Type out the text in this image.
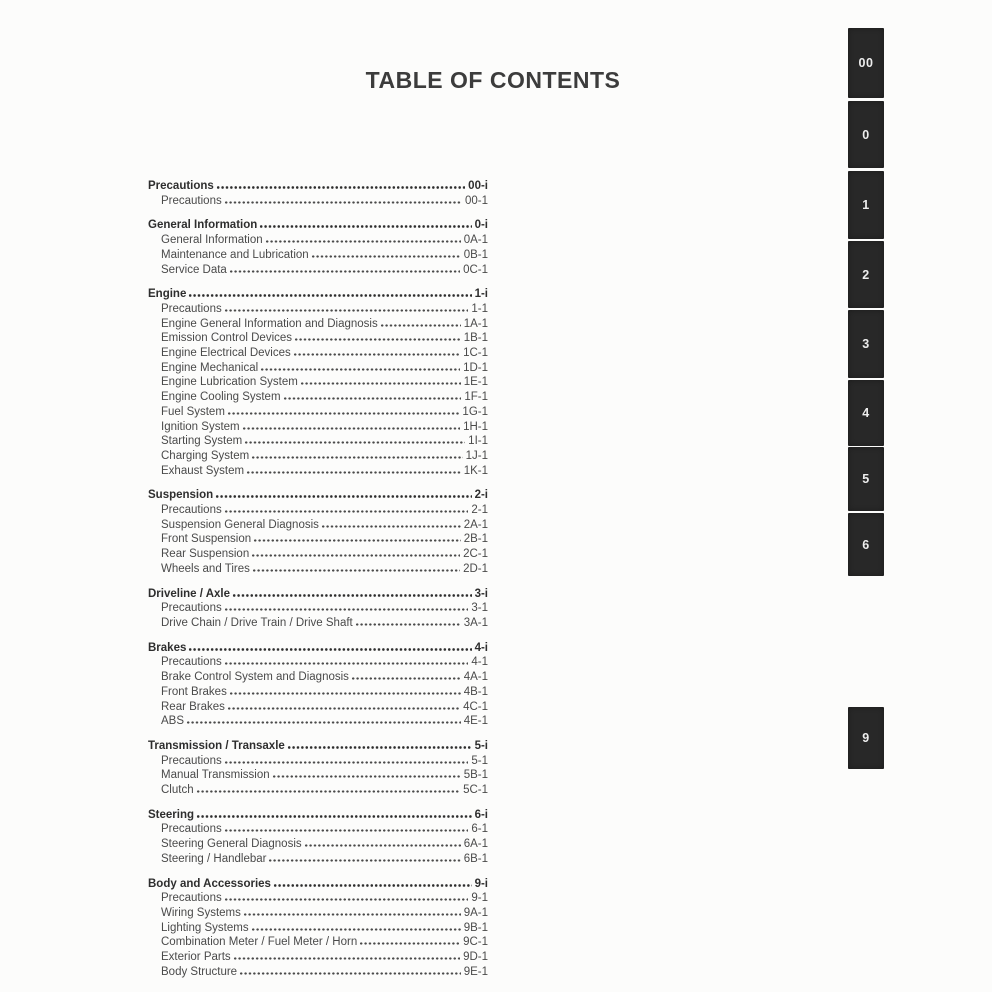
TABLE OF CONTENTS
Precautions	00-i
Precautions	00-1
General Information	0-i
General Information	0A-1
Maintenance and Lubrication	0B-1
Service Data	0C-1
Engine	1-i
Precautions	1-1
Engine General Information and Diagnosis	1A-1
Emission Control Devices	1B-1
Engine Electrical Devices	1C-1
Engine Mechanical	1D-1
Engine Lubrication System	1E-1
Engine Cooling System	1F-1
Fuel System	1G-1
Ignition System	1H-1
Starting System	1I-1
Charging System	1J-1
Exhaust System	1K-1
Suspension	2-i
Precautions	2-1
Suspension General Diagnosis	2A-1
Front Suspension	2B-1
Rear Suspension	2C-1
Wheels and Tires	2D-1
Driveline / Axle	3-i
Precautions	3-1
Drive Chain / Drive Train / Drive Shaft	3A-1
Brakes	4-i
Precautions	4-1
Brake Control System and Diagnosis	4A-1
Front Brakes	4B-1
Rear Brakes	4C-1
ABS	4E-1
Transmission / Transaxle	5-i
Precautions	5-1
Manual Transmission	5B-1
Clutch	5C-1
Steering	6-i
Precautions	6-1
Steering General Diagnosis	6A-1
Steering / Handlebar	6B-1
Body and Accessories	9-i
Precautions	9-1
Wiring Systems	9A-1
Lighting Systems	9B-1
Combination Meter / Fuel Meter / Horn	9C-1
Exterior Parts	9D-1
Body Structure	9E-1
00
0
1
2
3
4
5
6
9
